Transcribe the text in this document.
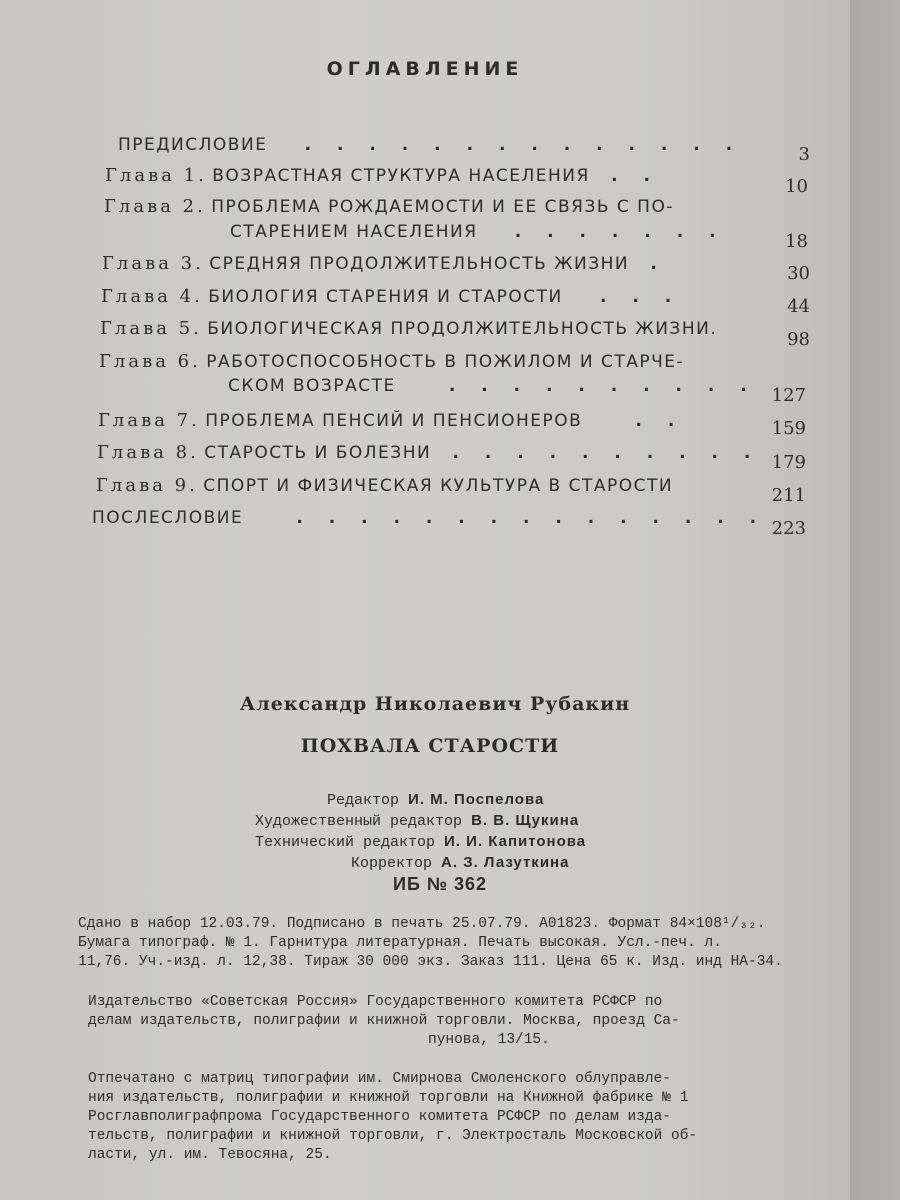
ОГЛАВЛЕНИЕ
ПРЕДИСЛОВИЕ   . . . . . . . . . . . . . .	3
Глава 1. ВОЗРАСТНАЯ СТРУКТУРА НАСЕЛЕНИЯ  . .	10
Глава 2. ПРОБЛЕМА РОЖДАЕМОСТИ И ЕЕ СВЯЗЬ С ПО-
СТАРЕНИЕМ НАСЕЛЕНИЯ   . . . . . . .	18
Глава 3. СРЕДНЯЯ ПРОДОЛЖИТЕЛЬНОСТЬ ЖИЗНИ  .	30
Глава 4. БИОЛОГИЯ СТАРЕНИЯ И СТАРОСТИ   . . .	44
Глава 5. БИОЛОГИЧЕСКАЯ ПРОДОЛЖИТЕЛЬНОСТЬ ЖИЗНИ.	98
Глава 6. РАБОТОСПОСОБНОСТЬ В ПОЖИЛОМ И СТАРЧЕ-
СКОМ ВОЗРАСТЕ    . . . . . . . . . . 127
Глава 7. ПРОБЛЕМА ПЕНСИЙ И ПЕНСИОНЕРОВ    . .	159
Глава 8. СТАРОСТЬ И БОЛЕЗНИ  . . . . . . . . . . 179
Глава 9. СПОРТ И ФИЗИЧЕСКАЯ КУЛЬТУРА В СТАРОСТИ	211
ПОСЛЕСЛОВИЕ    . . . . . . . . . . . . . . . 223
Александр Николаевич Рубакин
ПОХВАЛА СТАРОСТИ
Редактор И. М. Поспелова
Художественный редактор В. В. Щукина
Технический редактор И. И. Капитонова
Корректор А. З. Лазуткина
ИБ № 362
Сдано в набор 12.03.79. Подписано в печать 25.07.79. А01823. Формат 84×108¹/₃₂.
Бумага типограф. № 1. Гарнитура литературная. Печать высокая. Усл.-печ. л.
11,76. Уч.-изд. л. 12,38. Тираж 30 000 экз. Заказ 111. Цена 65 к. Изд. инд НА-34.
Издательство «Советская Россия» Государственного комитета РСФСР по
делам издательств, полиграфии и книжной торговли. Москва, проезд Са-
пунова, 13/15.
Отпечатано с матриц типографии им. Смирнова Смоленского облуправле-
ния издательств, полиграфии и книжной торговли на Книжной фабрике № 1
Росглавполиграфпрома Государственного комитета РСФСР по делам изда-
тельств, полиграфии и книжной торговли, г. Электросталь Московской об-
ласти, ул. им. Тевосяна, 25.
